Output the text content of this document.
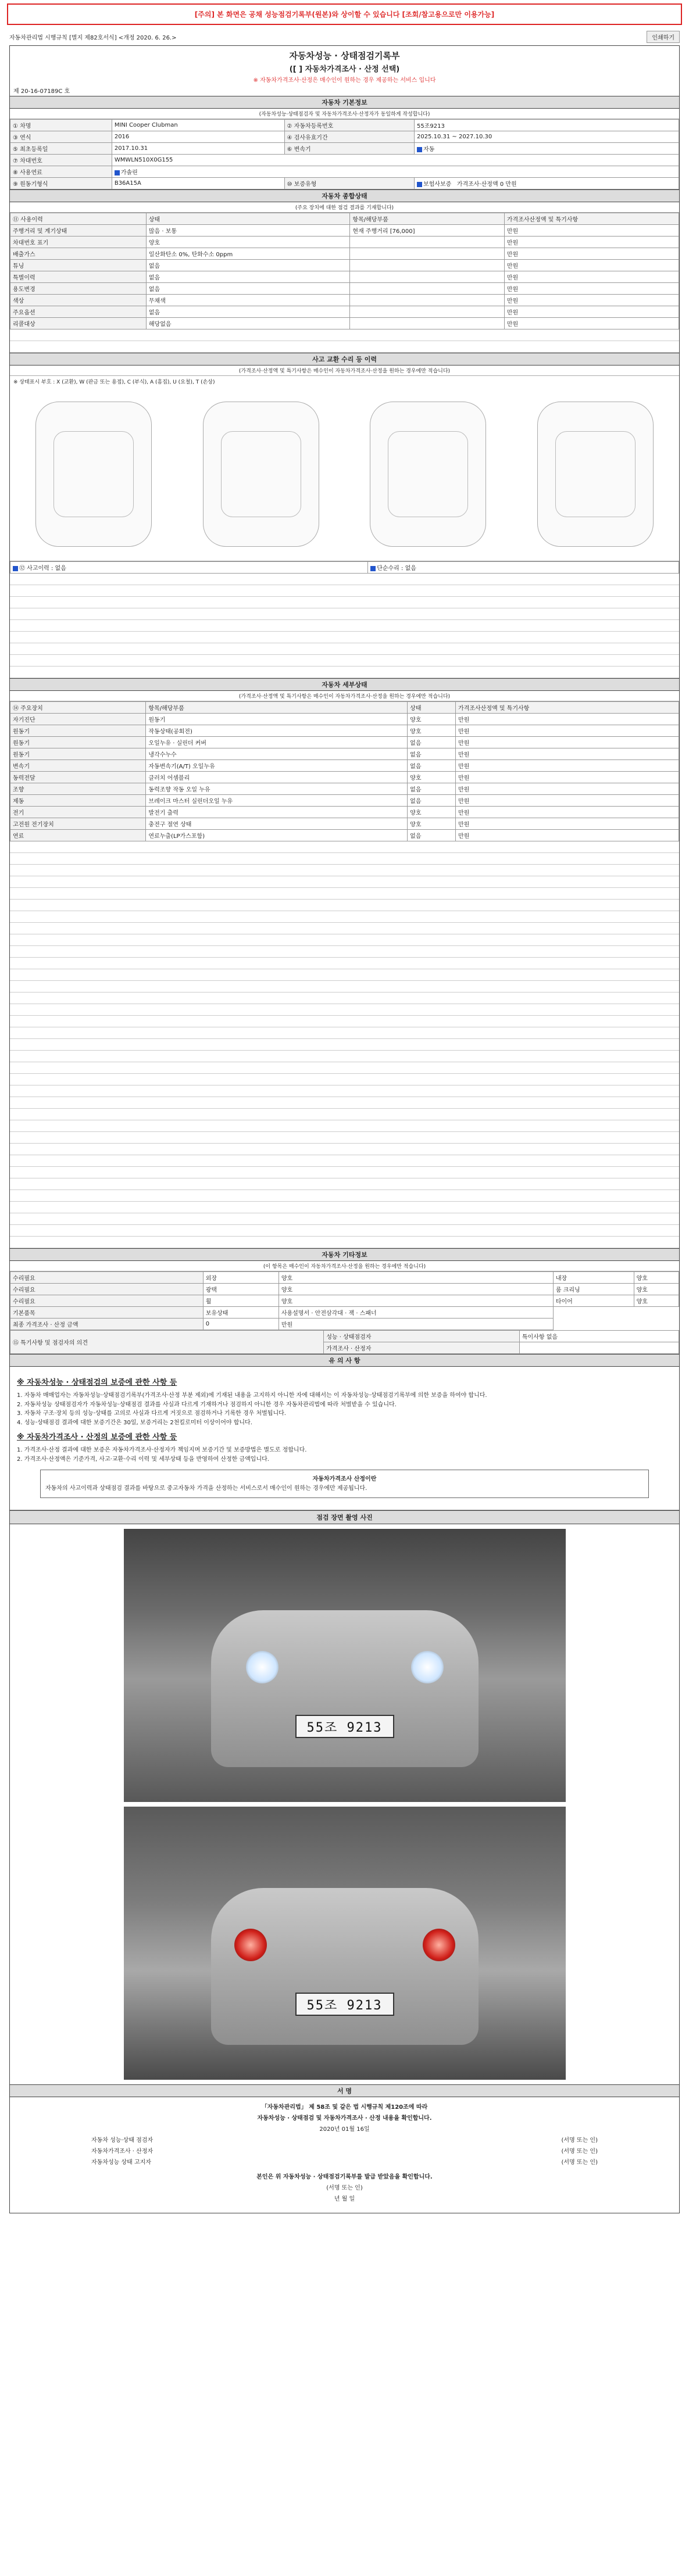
[주의] 본 화면은 공채 성능점검기록부(원본)와 상이할 수 있습니다 [조회/참고용으로만 이용가능]
자동차관리법 시행규칙 [별지 제82호서식] <개정 2020. 6. 26.>	인쇄하기
자동차성능 · 상태점검기록부
([ ] 자동차가격조사 · 산정 선택)
※ 자동차가격조사·산정은 매수인이 원하는 경우 제공하는 서비스 입니다
제 20-16-07189C 호
자동차 기본정보
(자동차성능·상태점검자 및 자동차가격조사·산정자가 동일하게 작성합니다)
① 차명	MINI Cooper Clubman	② 자동차등록번호	55조9213
③ 연식	2016	④ 검사유효기간	2025.10.31 ~ 2027.10.30
⑤ 최초등록일	2017.10.31	⑥ 변속기	자동
⑦ 차대번호	WMWLN510X0G155		
⑧ 사용연료	가솔린		
⑨ 원동기형식	B36A15A	⑩ 보증유형	보험사보증 가격조사·산정액 0 만원
자동차 종합상태
(주요 장치에 대한 점검 결과를 기재합니다)
⑪ 사용이력	상태	항목/해당부품	가격조사산정액 및 특기사항
주행거리 및 계기상태	많음 · 보통	현재 주행거리 [76,000]	만원
차대번호 표기	양호		만원
배출가스	일산화탄소 0%, 탄화수소 0ppm		만원
튜닝	없음		만원
특별이력	없음		만원
용도변경	없음		만원
색상	무채색		만원
주요옵션	없음		만원
리콜대상	해당없음		만원
사고 교환 수리 등 이력
(가격조사·산정액 및 특기사항은 매수인이 자동차가격조사·산정을 원하는 경우에만 적습니다)
※ 상태표시 부호 : X (교환), W (판금 또는 용접), C (부식), A (흠집), U (요철), T (손상)
⑫ 사고이력 : 없음	단순수리 : 없음
자동차 세부상태
(가격조사·산정액 및 특기사항은 매수인이 자동차가격조사·산정을 원하는 경우에만 적습니다)
⑭ 주요장치	항목/해당부품	상태	가격조사산정액 및 특기사항
자기진단	원동기	양호	만원
원동기	작동상태(공회전)	양호	만원
원동기	오일누유 · 실린더 커버	없음	만원
원동기	냉각수누수	없음	만원
변속기	자동변속기(A/T) 오일누유	없음	만원
동력전달	클러치 어셈블리	양호	만원
조향	동력조향 작동 오일 누유	없음	만원
제동	브레이크 마스터 실린더오일 누유	없음	만원
전기	발전기 출력	양호	만원
고전원 전기장치	충전구 절연 상태	양호	만원
연료	연료누출(LP가스포함)	없음	만원
자동차 기타정보
(이 항목은 매수인이 자동차가격조사·산정을 원하는 경우에만 적습니다)
수리필요	외장	양호	내장	양호
수리필요	광택	양호	룸 크리닝	양호
수리필요	휠	양호	타이어	양호
기본품목	보유상태	사용설명서 · 안전삼각대 · 잭 · 스패너		
최종 가격조사 · 산정 금액	0	만원		
⑮ 특기사항 및 점검자의 의견	성능 · 상태점검자	특이사항 없음
	가격조사 · 산정자	
유 의 사 항
※ 자동차성능 · 상태점검의 보증에 관한 사항 등

1. 자동차 매매업자는 자동차성능·상태점검기록부(가격조사·산정 부분 제외)에 기재된 내용을 고지하지 아니한 자에 대해서는 이 자동차성능·상태점검기록부에 의한 보증을 하여야 합니다.

2. 자동차성능 상태점검자가 자동차성능·상태점검 결과를 사실과 다르게 기재하거나 점검하지 아니한 경우 자동차관리법에 따라 처벌받을 수 있습니다.

3. 자동차 구조·장치 등의 성능·상태를 고의로 사실과 다르게 거짓으로 점검하거나 기록한 경우 처벌됩니다.

4. 성능·상태점검 결과에 대한 보증기간은 30일, 보증거리는 2천킬로미터 이상이어야 합니다.

※ 자동차가격조사 · 산정의 보증에 관한 사항 등

1. 가격조사·산정 결과에 대한 보증은 자동차가격조사·산정자가 책임지며 보증기간 및 보증방법은 별도로 정합니다.

2. 가격조사·산정액은 기준가격, 사고·교환·수리 이력 및 세부상태 등을 반영하여 산정한 금액입니다.

자동차가격조사 산정이란
자동차의 사고이력과 상태점검 결과를 바탕으로 중고자동차 가격을 산정하는 서비스로서 매수인이 원하는 경우에만 제공됩니다.
점검 장면 촬영 사진
55조 9213
55조 9213
서 명
「자동차관리법」 제 58조 및 같은 법 시행규칙 제120조에 따라
자동차성능 · 상태점검 및 자동차가격조사 · 산정 내용을 확인합니다.
2020년 01월 16일
자동차 성능·상태 점검자	(서명 또는 인)
자동차가격조사 · 산정자	(서명 또는 인)
자동차성능 상태 고지자	(서명 또는 인)
본인은 위 자동차성능 · 상태점검기록부를 발급 받았음을 확인합니다.
(서명 또는 인)
년 월 일
